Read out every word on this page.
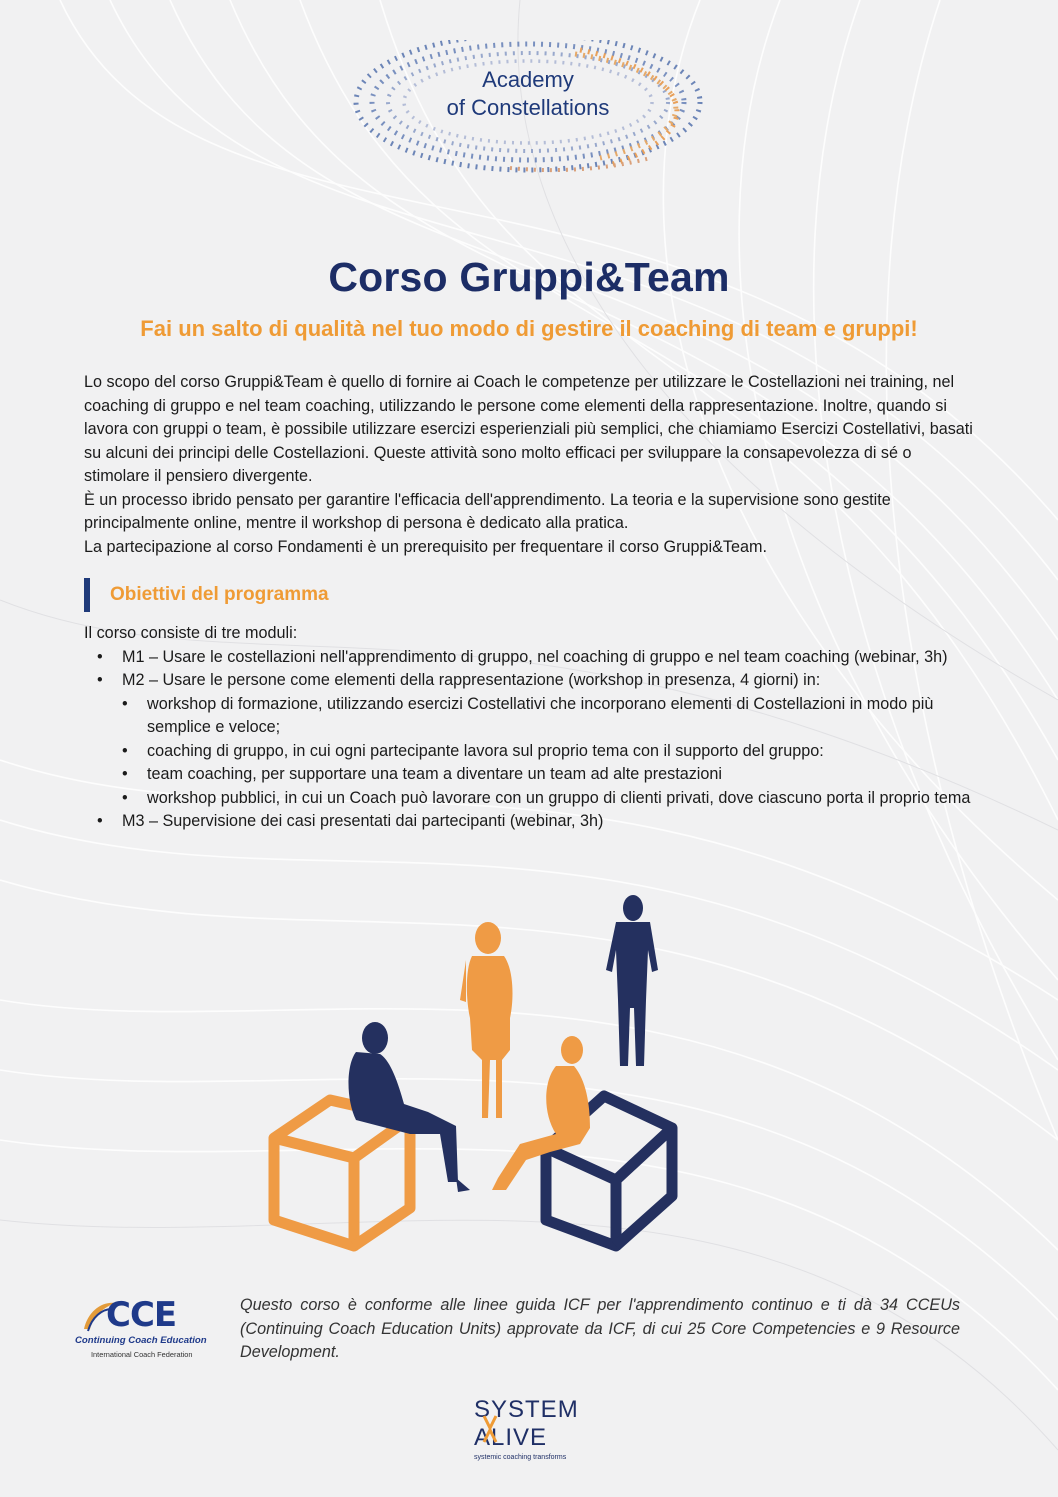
Academy
of Constellations
Corso Gruppi&Team
Fai un salto di qualità nel tuo modo di gestire il coaching di team e gruppi!

Lo scopo del corso Gruppi&Team è quello di fornire ai Coach le competenze per utilizzare le Costellazioni nei training, nel coaching di gruppo e nel team coaching, utilizzando le persone come elementi della rappresentazione. Inoltre, quando si lavora con gruppi o team, è possibile utilizzare esercizi esperienziali più semplici, che chiamiamo Esercizi Costellativi, basati su alcuni dei principi delle Costellazioni. Queste attività sono molto efficaci per sviluppare la consapevolezza di sé o stimolare il pensiero divergente.

È un processo ibrido pensato per garantire l'efficacia dell'apprendimento. La teoria e la supervisione sono gestite principalmente online, mentre il workshop di persona è dedicato alla pratica.

La partecipazione al corso Fondamenti è un prerequisito per frequentare il corso Gruppi&Team.

Obiettivi del programma

Il corso consiste di tre moduli:

• M1 – Usare le costellazioni nell'apprendimento di gruppo, nel coaching di gruppo e nel team coaching (webinar, 3h)
• M2 – Usare le persone come elementi della rappresentazione (workshop in presenza, 4 giorni) in:
• workshop di formazione, utilizzando esercizi Costellativi che incorporano elementi di Costellazioni in modo più semplice e veloce;
• coaching di gruppo, in cui ogni partecipante lavora sul proprio tema con il supporto del gruppo:
• team coaching, per supportare una team a diventare un team ad alte prestazioni
• workshop pubblici, in cui un Coach può lavorare con un gruppo di clienti privati, dove ciascuno porta il proprio tema
• M3 – Supervisione dei casi presentati dai partecipanti (webinar, 3h)
CCE
Continuing Coach Education
International Coach Federation
Questo corso è conforme alle linee guida ICF per l'apprendimento continuo e ti dà 34 CCEUs (Continuing Coach Education Units) approvate da ICF, di cui 25 Core Competencies e 9 Resource Development.
SYSTEM
ALIVE
systemic coaching transforms
